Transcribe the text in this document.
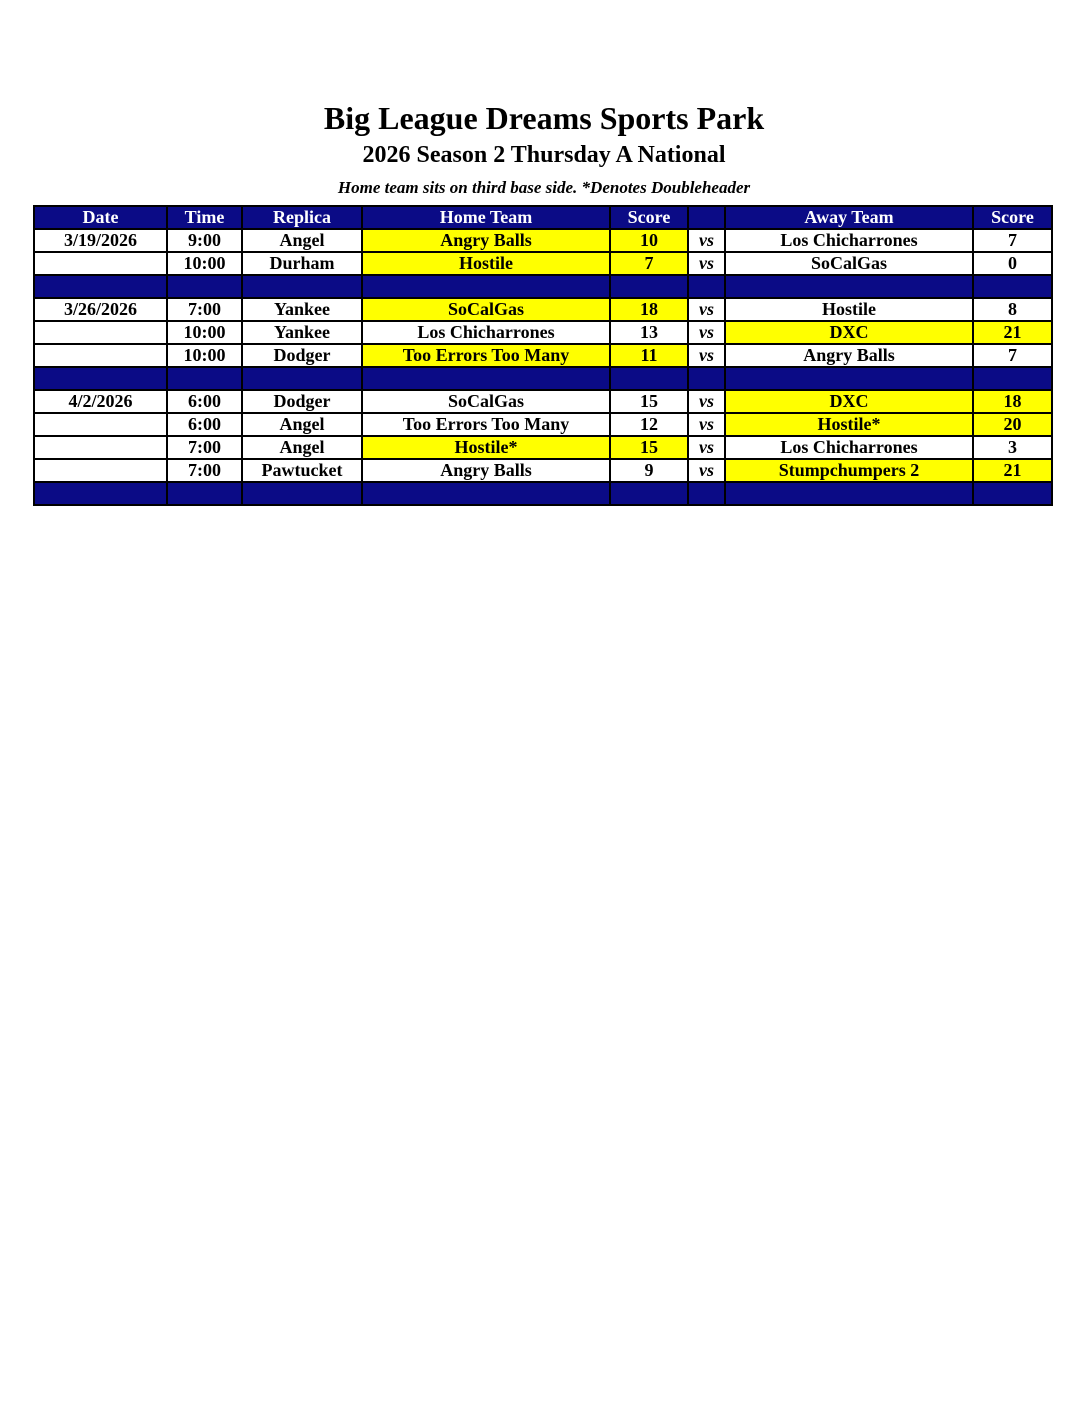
Big League Dreams Sports Park
2026 Season 2 Thursday A National
Home team sits on third base side. *Denotes Doubleheader
Date	Time	Replica	Home Team	Score		Away Team	Score
3/19/2026	9:00	Angel	Angry Balls	10	vs	Los Chicharrones	7
	10:00	Durham	Hostile	7	vs	SoCalGas	0

3/26/2026	7:00	Yankee	SoCalGas	18	vs	Hostile	8
	10:00	Yankee	Los Chicharrones	13	vs	DXC	21
	10:00	Dodger	Too Errors Too Many	11	vs	Angry Balls	7

4/2/2026	6:00	Dodger	SoCalGas	15	vs	DXC	18
	6:00	Angel	Too Errors Too Many	12	vs	Hostile*	20
	7:00	Angel	Hostile*	15	vs	Los Chicharrones	3
	7:00	Pawtucket	Angry Balls	9	vs	Stumpchumpers 2	21
